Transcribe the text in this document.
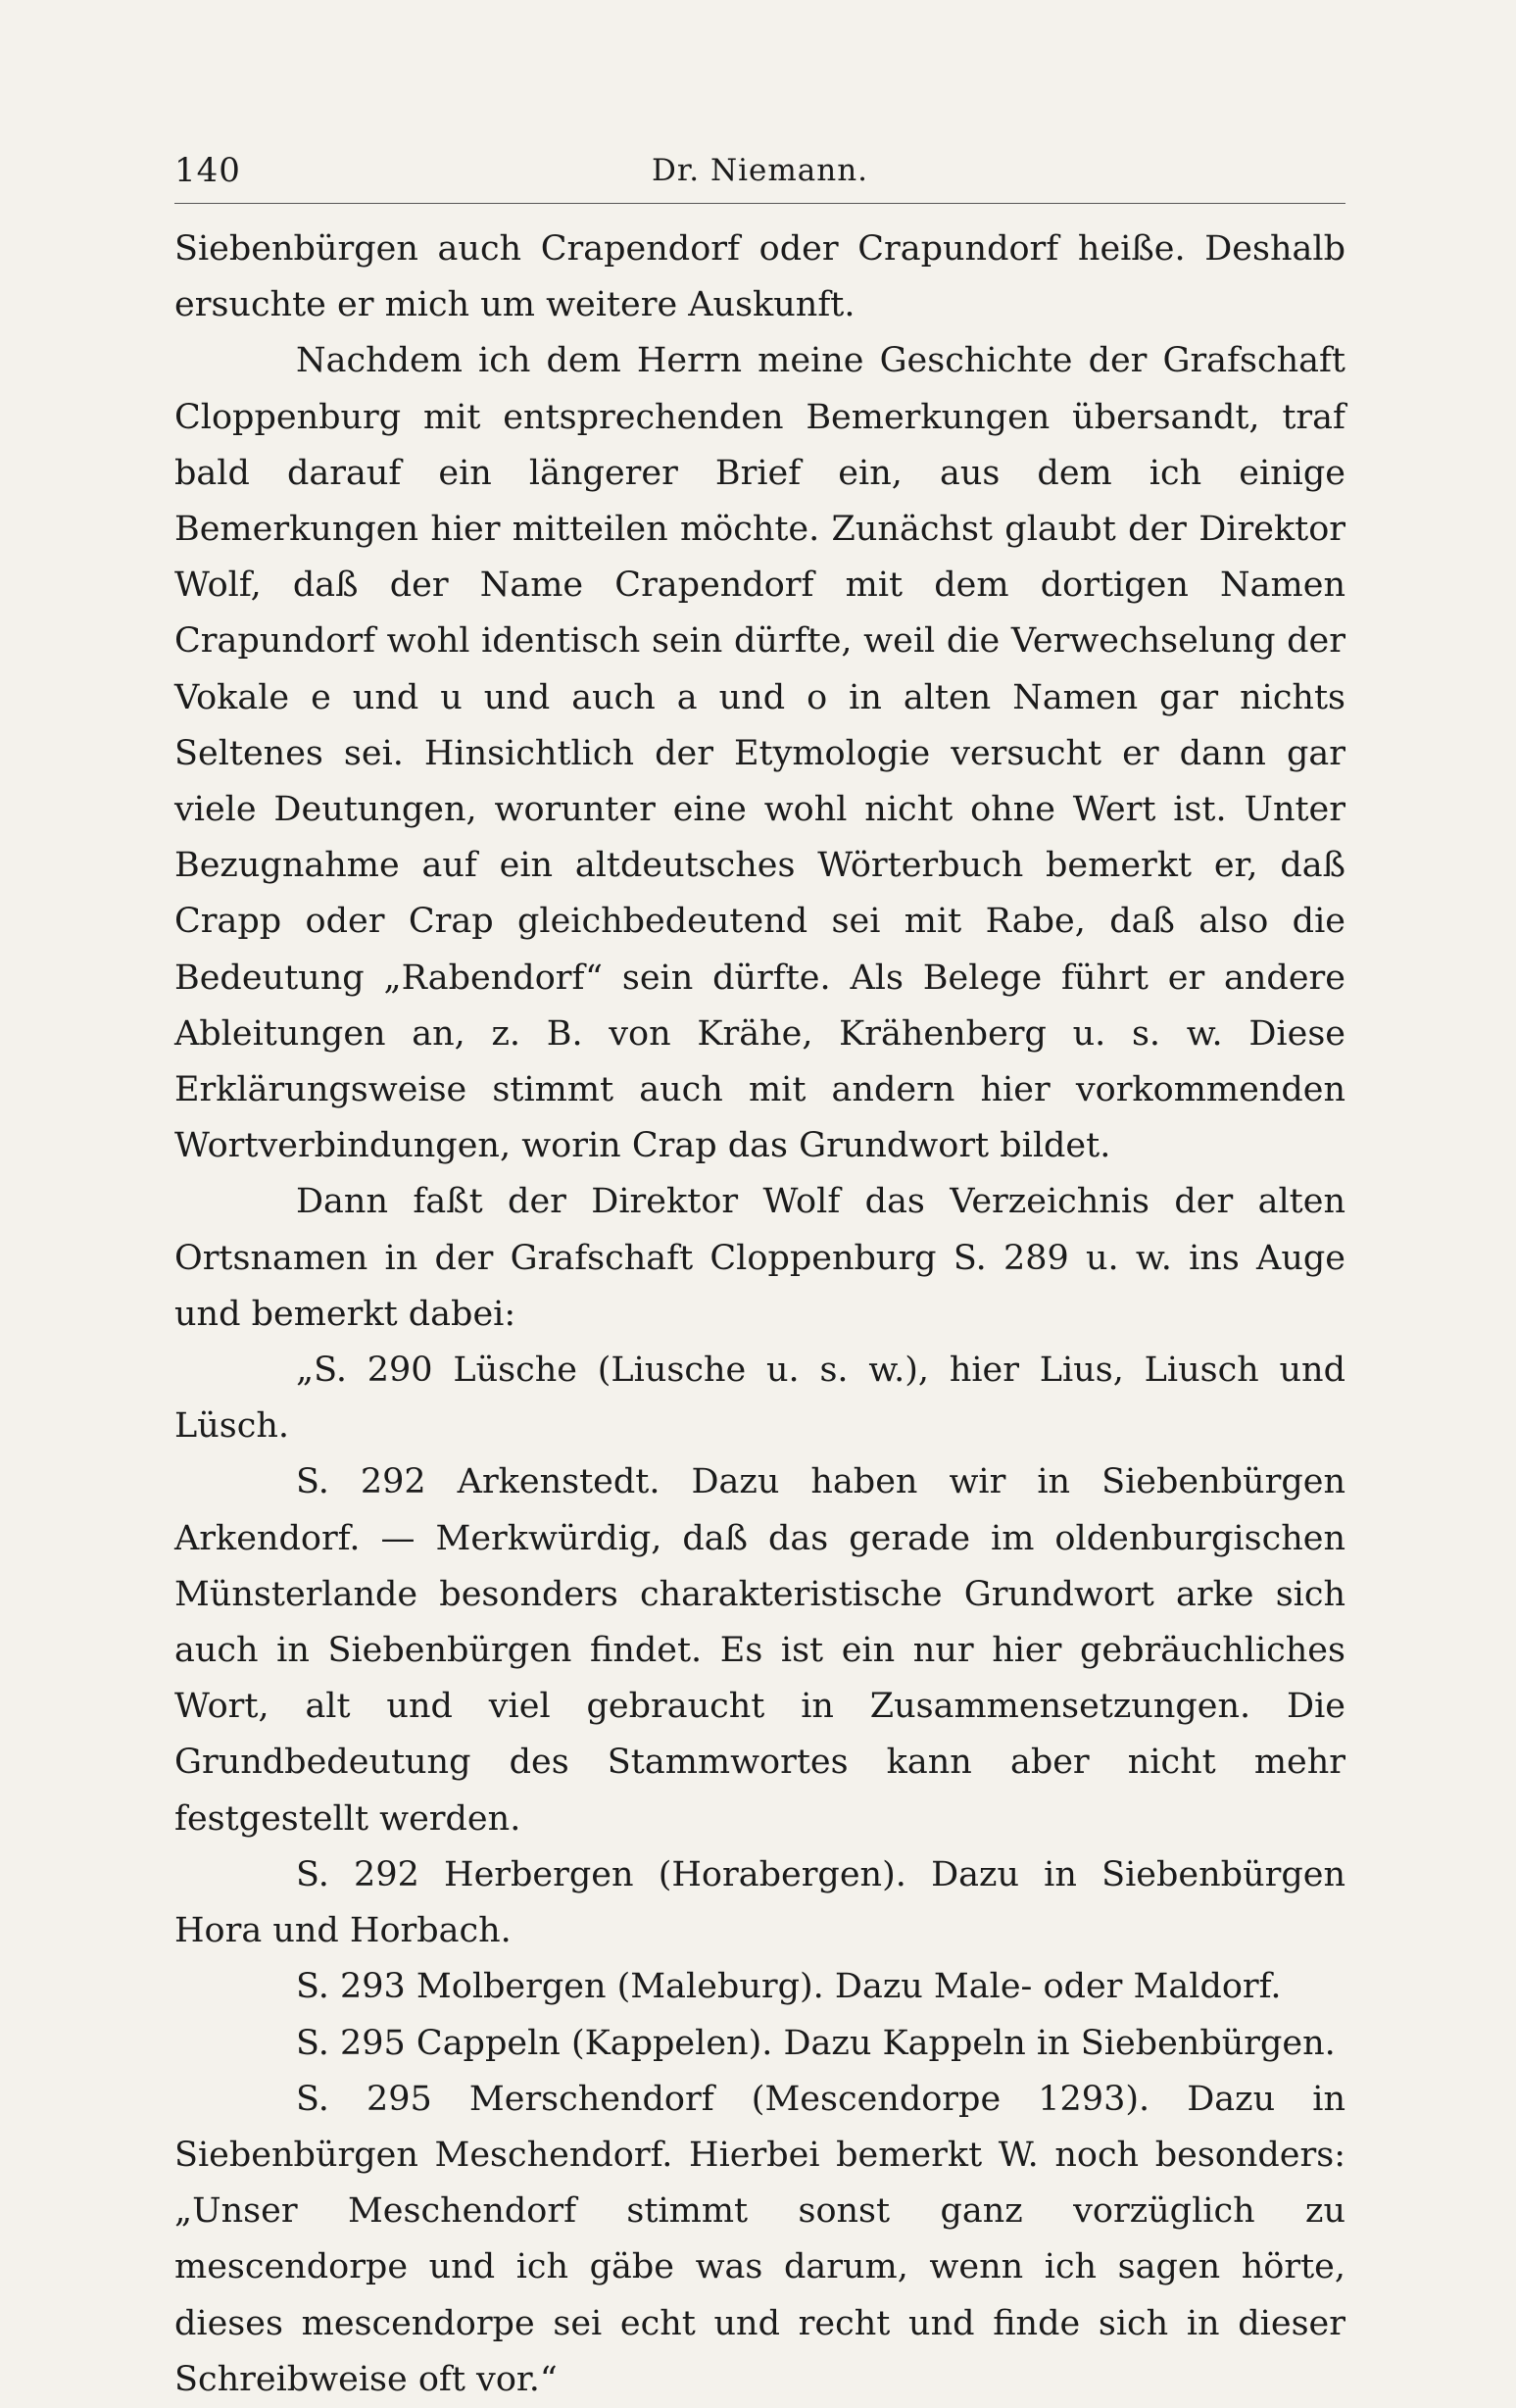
140	Dr. Niemann.

Siebenbürgen auch Crapendorf oder Crapundorf heiße. Deshalb ersuchte er mich um weitere Auskunft.

Nachdem ich dem Herrn meine Geschichte der Grafschaft Cloppenburg mit entsprechenden Bemerkungen übersandt, traf bald darauf ein längerer Brief ein, aus dem ich einige Bemerkungen hier mitteilen möchte. Zunächst glaubt der Direktor Wolf, daß der Name Crapendorf mit dem dortigen Namen Crapundorf wohl identisch sein dürfte, weil die Verwechselung der Vokale e und u und auch a und o in alten Namen gar nichts Seltenes sei. Hinsichtlich der Etymologie versucht er dann gar viele Deutungen, worunter eine wohl nicht ohne Wert ist. Unter Bezugnahme auf ein altdeutsches Wörterbuch bemerkt er, daß Crapp oder Crap gleichbedeutend sei mit Rabe, daß also die Bedeutung „Rabendorf“ sein dürfte. Als Belege führt er andere Ableitungen an, z. B. von Krähe, Krähenberg u. s. w. Diese Erklärungsweise stimmt auch mit andern hier vorkommenden Wortverbindungen, worin Crap das Grundwort bildet.

Dann faßt der Direktor Wolf das Verzeichnis der alten Ortsnamen in der Grafschaft Cloppenburg S. 289 u. w. ins Auge und bemerkt dabei:

„S. 290 Lüsche (Liusche u. s. w.), hier Lius, Liusch und Lüsch.

S. 292 Arkenstedt. Dazu haben wir in Siebenbürgen Arkendorf. — Merkwürdig, daß das gerade im oldenburgischen Münsterlande besonders charakteristische Grundwort arke sich auch in Siebenbürgen findet. Es ist ein nur hier gebräuchliches Wort, alt und viel gebraucht in Zusammensetzungen. Die Grundbedeutung des Stammwortes kann aber nicht mehr festgestellt werden.

S. 292 Herbergen (Horabergen). Dazu in Siebenbürgen Hora und Horbach.

S. 293 Molbergen (Maleburg). Dazu Male- oder Maldorf.

S. 295 Cappeln (Kappelen). Dazu Kappeln in Siebenbürgen.

S. 295 Merschendorf (Mescendorpe 1293). Dazu in Siebenbürgen Meschendorf. Hierbei bemerkt W. noch besonders: „Unser Meschendorf stimmt sonst ganz vorzüglich zu mescendorpe und ich gäbe was darum, wenn ich sagen hörte, dieses mescendorpe sei echt und recht und finde sich in dieser Schreibweise oft vor.“
